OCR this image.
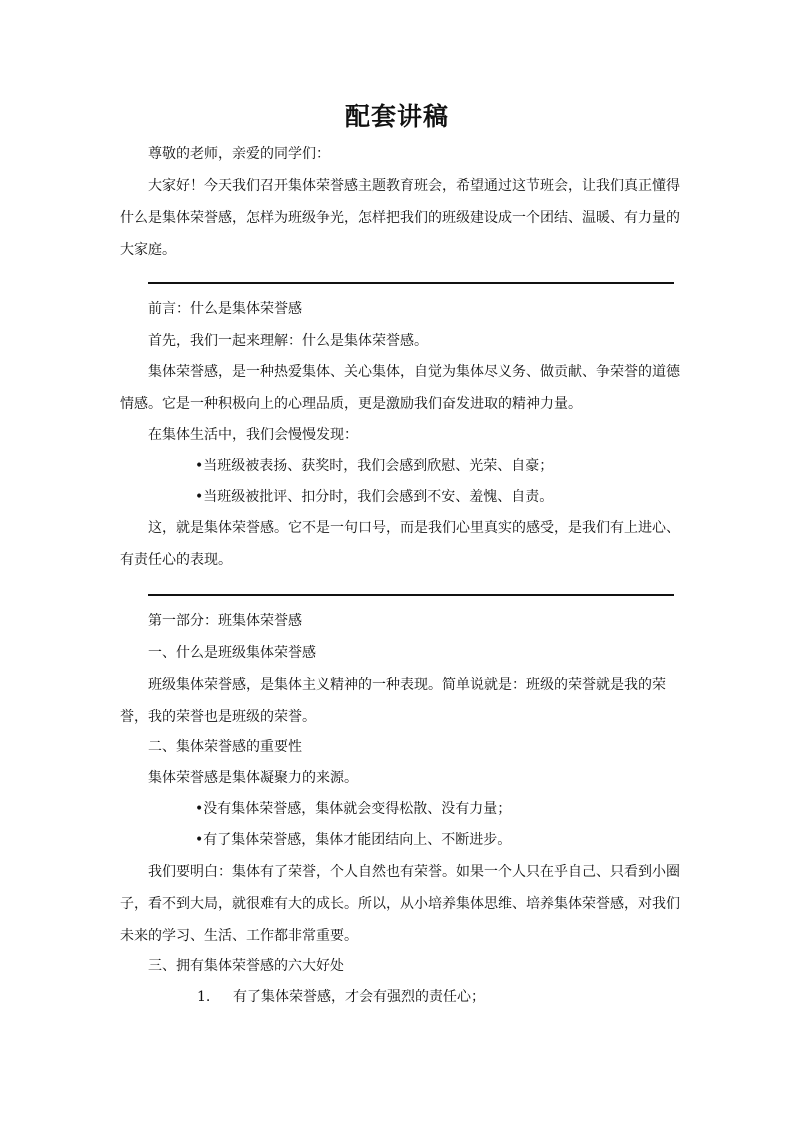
配套讲稿

尊敬的老师，亲爱的同学们：

大家好！今天我们召开集体荣誉感主题教育班会，希望通过这节班会，让我们真正懂得什么是集体荣誉感，怎样为班级争光，怎样把我们的班级建设成一个团结、温暖、有力量的大家庭。

前言：什么是集体荣誉感

首先，我们一起来理解：什么是集体荣誉感。

集体荣誉感，是一种热爱集体、关心集体，自觉为集体尽义务、做贡献、争荣誉的道德情感。它是一种积极向上的心理品质，更是激励我们奋发进取的精神力量。

在集体生活中，我们会慢慢发现：

•当班级被表扬、获奖时，我们会感到欣慰、光荣、自豪；

•当班级被批评、扣分时，我们会感到不安、羞愧、自责。

这，就是集体荣誉感。它不是一句口号，而是我们心里真实的感受，是我们有上进心、有责任心的表现。

第一部分：班集体荣誉感

一、什么是班级集体荣誉感

班级集体荣誉感，是集体主义精神的一种表现。简单说就是：班级的荣誉就是我的荣誉，我的荣誉也是班级的荣誉。

二、集体荣誉感的重要性

集体荣誉感是集体凝聚力的来源。

•没有集体荣誉感，集体就会变得松散、没有力量；

•有了集体荣誉感，集体才能团结向上、不断进步。

我们要明白：集体有了荣誉，个人自然也有荣誉。如果一个人只在乎自己、只看到小圈子，看不到大局，就很难有大的成长。所以，从小培养集体思维、培养集体荣誉感，对我们未来的学习、生活、工作都非常重要。

三、拥有集体荣誉感的六大好处

1. 有了集体荣誉感，才会有强烈的责任心；
